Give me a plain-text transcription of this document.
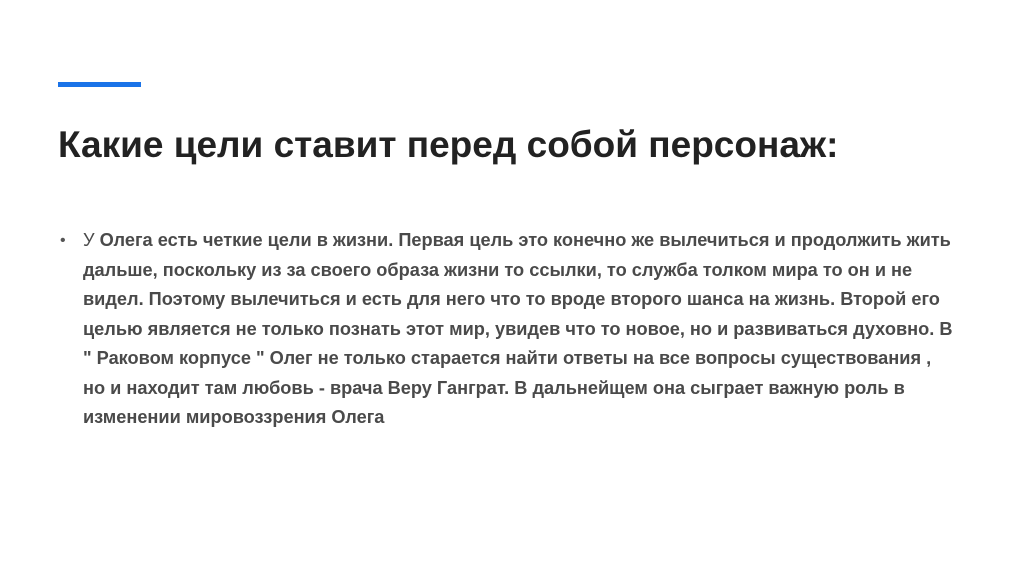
Какие цели ставит перед собой персонаж:
• У Олега есть четкие цели в жизни. Первая цель это конечно же вылечиться и продолжить жить дальше, поскольку из за своего образа жизни то ссылки, то служба толком мира то он и не видел. Поэтому вылечиться и есть для него что то вроде второго шанса на жизнь. Второй его целью является не только познать этот мир, увидев что то новое, но и развиваться духовно. В " Раковом корпусе " Олег не только старается найти ответы на все вопросы существования , но и находит там любовь - врача Веру Ганграт. В дальнейщем она сыграет важную роль в изменении мировоззрения Олега
